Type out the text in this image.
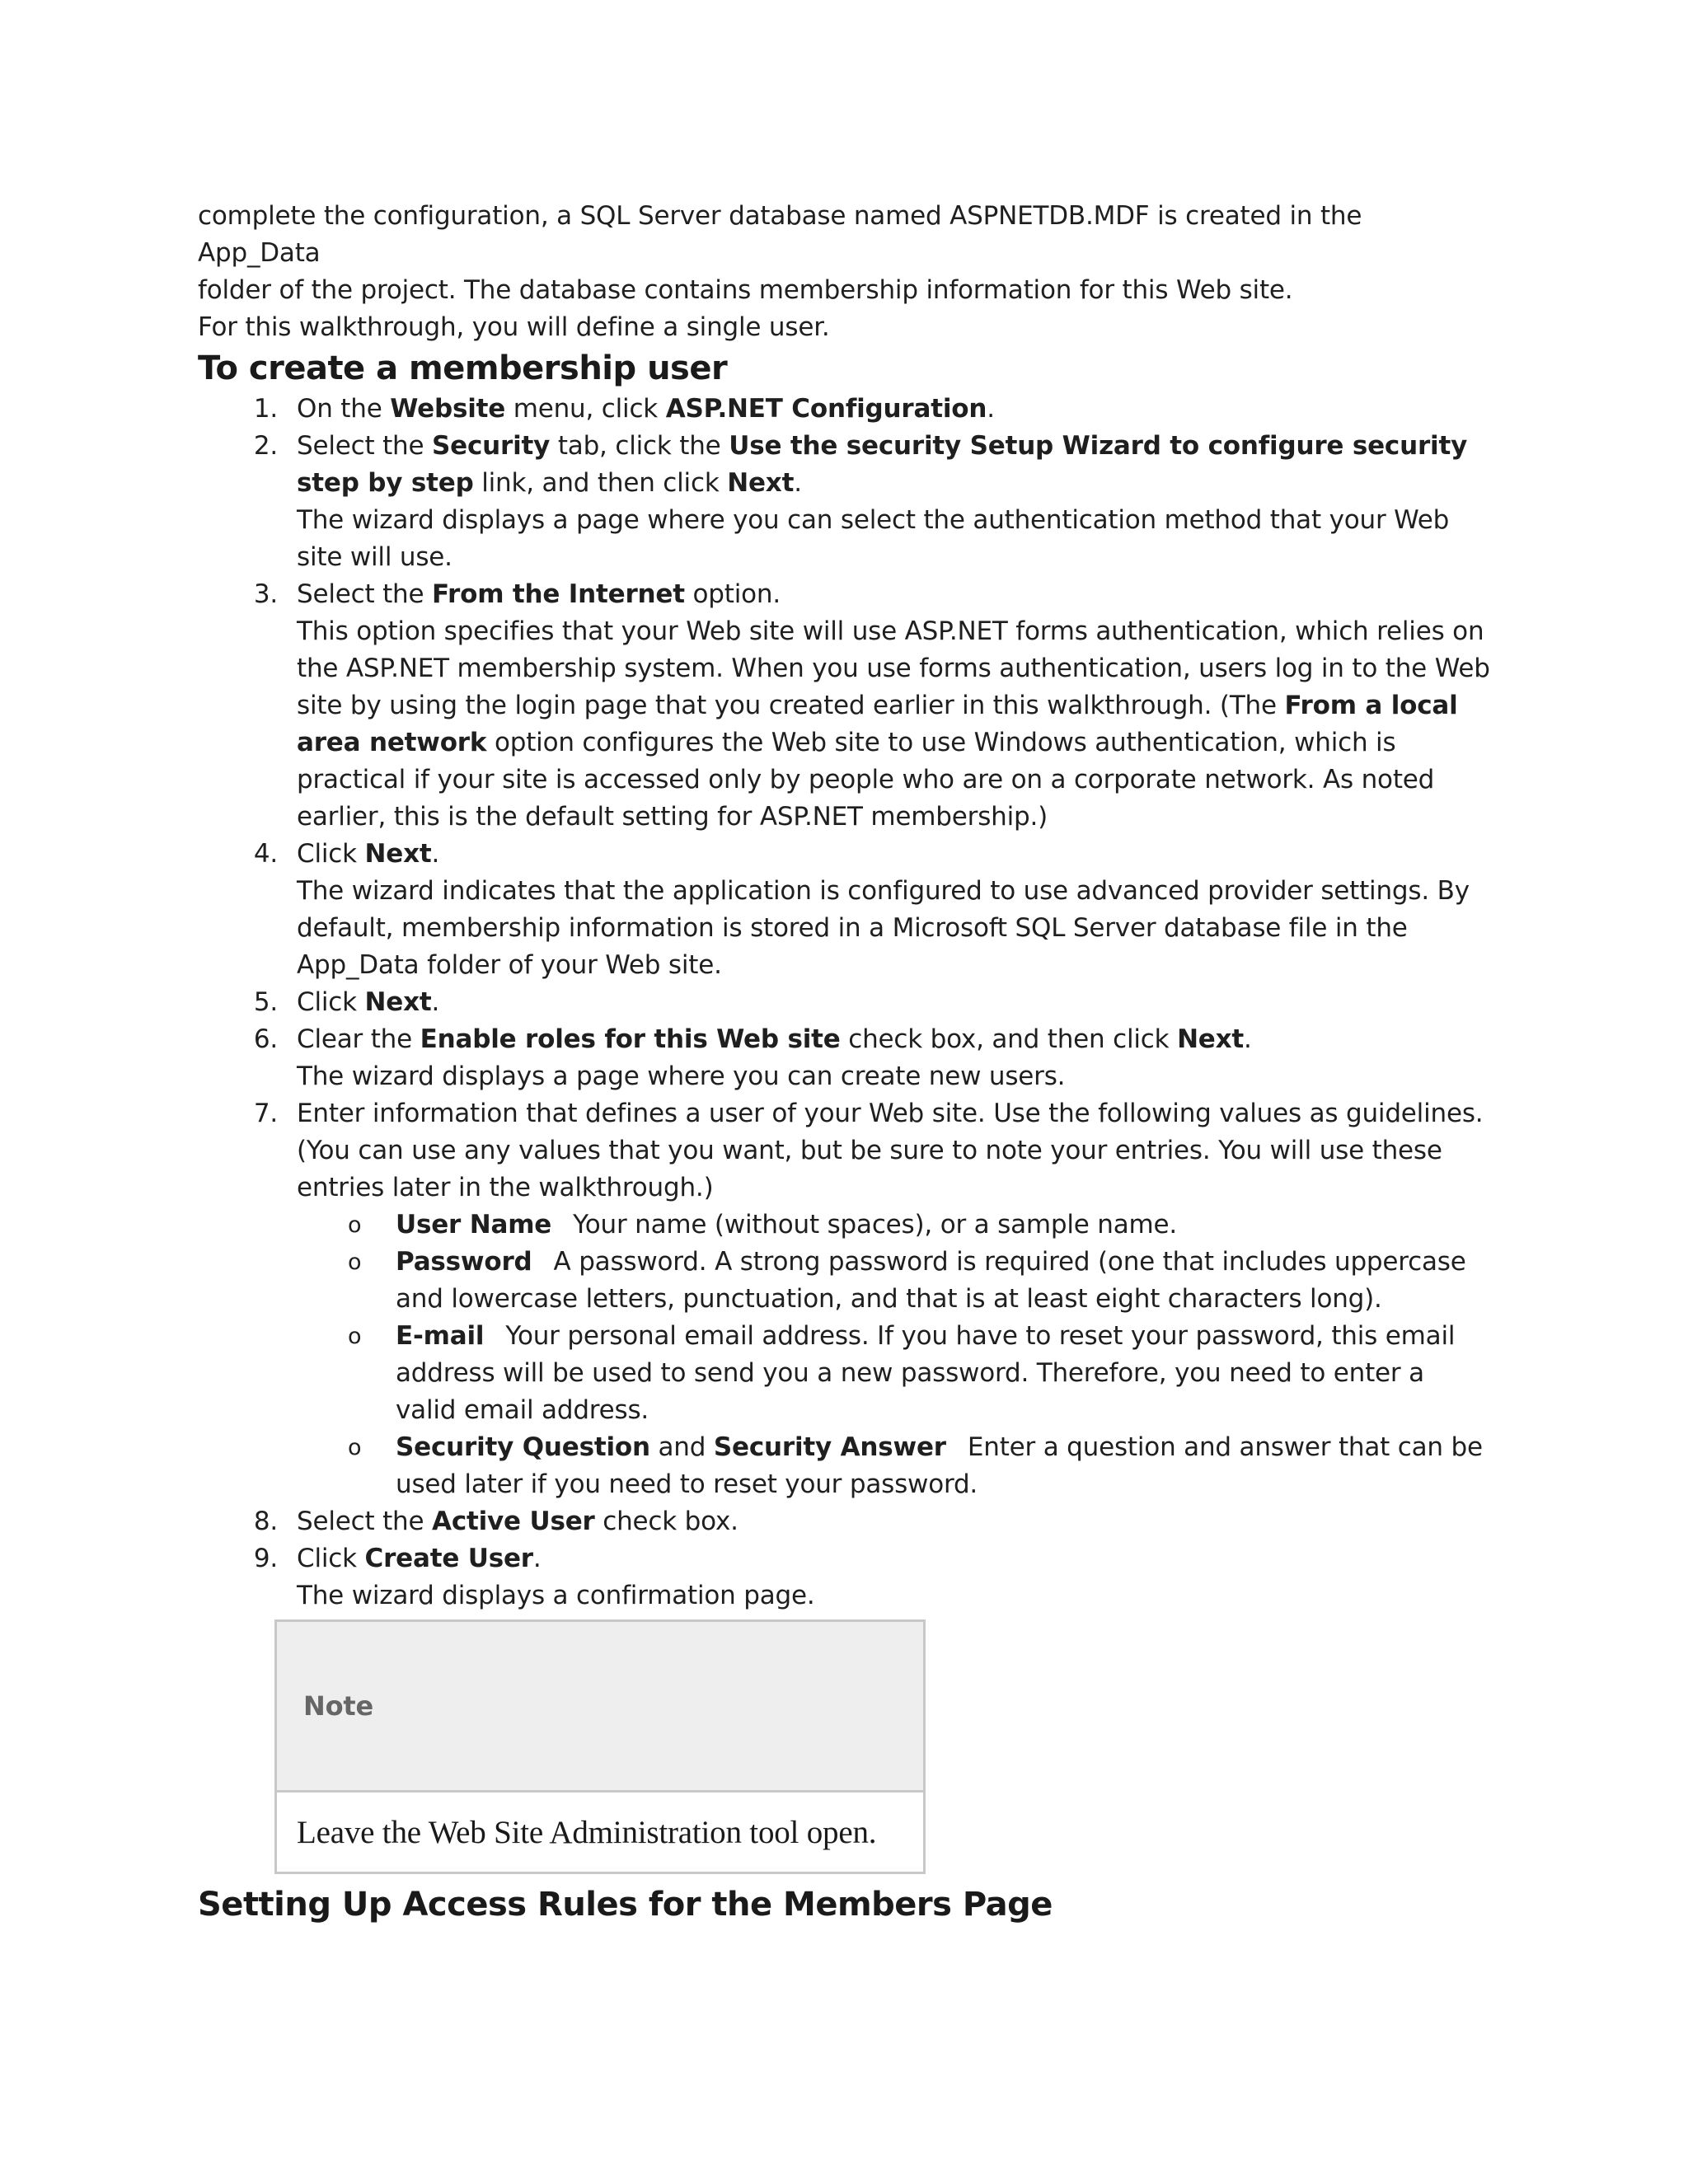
complete the configuration, a SQL Server database named ASPNETDB.MDF is created in the App_Data

folder of the project. The database contains membership information for this Web site.

For this walkthrough, you will define a single user.

To create a membership user
1 .	On the Website menu, click ASP.NET Configuration.
2 .	Select the Security tab, click the Use the security Setup Wizard to configure security step by step link, and then click Next.
The wizard displays a page where you can select the authentication method that your Web site will use.
3 .	Select the From the Internet option.
This option specifies that your Web site will use ASP.NET forms authentication, which relies on the ASP.NET membership system. When you use forms authentication, users log in to the Web site by using the login page that you created earlier in this walkthrough. (The From a local area network option configures the Web site to use Windows authentication, which is practical if your site is accessed only by people who are on a corporate network. As noted earlier, this is the default setting for ASP.NET membership.)
4 .	Click Next.
The wizard indicates that the application is configured to use advanced provider settings. By default, membership information is stored in a Microsoft SQL Server database file in the App_Data folder of your Web site.
5 .	Click Next.
6 .	Clear the Enable roles for this Web site check box, and then click Next.
The wizard displays a page where you can create new users.
7 .	Enter information that defines a user of your Web site. Use the following values as guidelines. (You can use any values that you want, but be sure to note your entries. You will use these entries later in the walkthrough.)
o User Name Your name (without spaces), or a sample name.
o Password A password. A strong password is required (one that includes uppercase and lowercase letters, punctuation, and that is at least eight characters long).
o E-mail Your personal email address. If you have to reset your password, this email address will be used to send you a new password. Therefore, you need to enter a valid email address.
o Security Question and Security Answer Enter a question and answer that can be used later if you need to reset your password.
8 .	Select the Active User check box.
9 .	Click Create User.
The wizard displays a confirmation page.
Note
Leave the Web Site Administration tool open.
Setting Up Access Rules for the Members Page
